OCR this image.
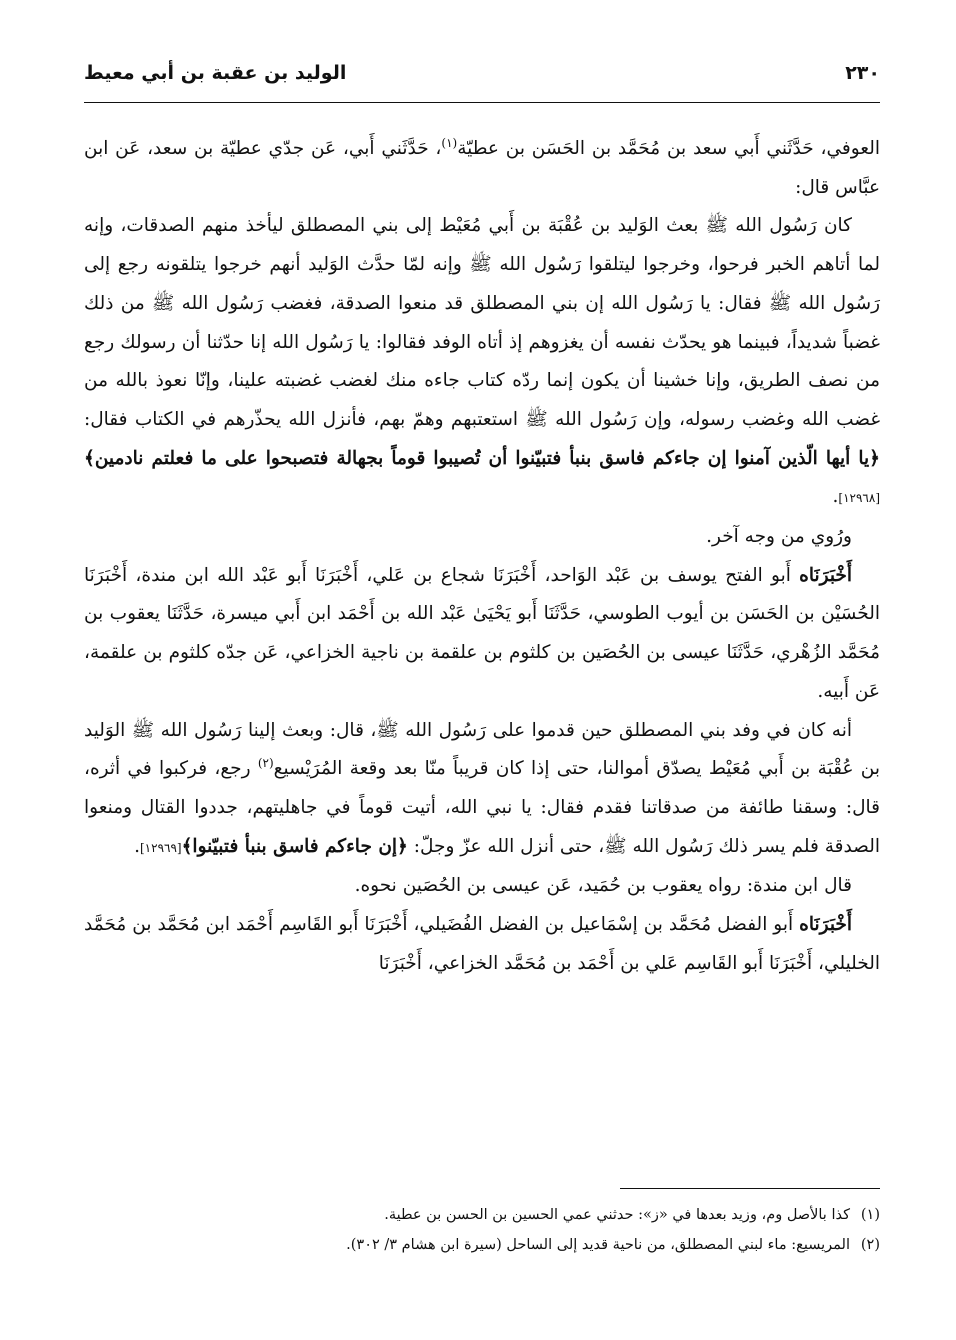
٢٣٠
الوليد بن عقبة بن أبي معيط

العوفي، حَدَّثَني أَبي سعد بن مُحَمَّد بن الحَسَن بن عطيّة$^{(١)}$، حَدَّثَني أَبي، عَن جدّي عطيّة بن سعد، عَن ابن عبَّاس قال:

كان رَسُول الله ﷺ بعث الوَليد بن عُقْبَة بن أَبي مُعَيْط إلى بني المصطلق ليأخذ منهم الصدقات، وإنه لما أتاهم الخبر فرحوا، وخرجوا ليتلقوا رَسُول الله ﷺ وإنه لمّا حدَّث الوَليد أنهم خرجوا يتلقونه رجع إلى رَسُول الله ﷺ فقال: يا رَسُول الله إن بني المصطلق قد منعوا الصدقة، فغضب رَسُول الله ﷺ من ذلك غضباً شديداً، فبينما هو يحدّث نفسه أن يغزوهم إذ أتاه الوفد فقالوا: يا رَسُول الله إنا حدّثنا أن رسولك رجع من نصف الطريق، وإنا خشينا أن يكون إنما ردّه كتاب جاءه منك لغضب غضبته علينا، وإنّا نعوذ بالله من غضب الله وغضب رسوله، وإن رَسُول الله ﷺ استعتبهم وهمّ بهم، فأنزل الله يحذّرهم في الكتاب فقال: ﴿يا أيها الّذين آمنوا إن جاءكم فاسق بنبأ فتبيّنوا أن تُصيبوا قوماً بجهالة فتصبحوا على ما فعلتم نادمين﴾[١٢٩٦٨].

ورُوي من وجه آخر.

أَخْبَرَنَاه أَبو الفتح يوسف بن عَبْد الوَاحد، أَخْبَرَنَا شجاع بن عَلي، أَخْبَرَنَا أَبو عَبْد الله ابن مندة، أَخْبَرَنَا الحُسَيْن بن الحَسَن بن أيوب الطوسي، حَدَّثَنَا أَبو يَحْيَىٰ عَبْد الله بن أَحْمَد ابن أَبي ميسرة، حَدَّثَنَا يعقوب بن مُحَمَّد الزُهْري، حَدَّثَنَا عيسى بن الحُصَين بن كلثوم بن علقمة بن ناجية الخزاعي، عَن جدّه كلثوم بن علقمة، عَن أَبيه.

أنه كان في وفد بني المصطلق حين قدموا على رَسُول الله ﷺ، قال: وبعث إلينا رَسُول الله ﷺ الوَليد بن عُقْبَة بن أَبي مُعَيْط يصدّق أموالنا، حتى إذا كان قريباً منّا بعد وقعة المُرَيْسيع$^{(٢)}$ رجع، فركبوا في أثره، قال: وسقنا طائفة من صدقاتنا فقدم فقال: يا نبي الله، أتيت قوماً في جاهليتهم، جددوا القتال ومنعوا الصدقة فلم يسر ذلك رَسُول الله ﷺ، حتى أنزل الله عزّ وجلّ: ﴿إن جاءكم فاسق بنبأ فتبيّنوا﴾[١٢٩٦٩].

قال ابن مندة: رواه يعقوب بن حُمَيد، عَن عيسى بن الحُصَين نحوه.

أَخْبَرَنَاه أَبو الفضل مُحَمَّد بن إسْمَاعيل بن الفضل الفُضَيلي، أَخْبَرَنَا أَبو القَاسِم أَحْمَد ابن مُحَمَّد بن مُحَمَّد الخليلي، أَخْبَرَنَا أَبو القَاسِم عَلي بن أَحْمَد بن مُحَمَّد الخزاعي، أَخْبَرَنَا

(١)كذا بالأصل وم، وزيد بعدها في «ز»: حدثني عمي الحسين بن الحسن بن عطية.

(٢)المريسيع: ماء لبني المصطلق، من ناحية قديد إلى الساحل (سيرة ابن هشام ٣/ ٣٠٢).
